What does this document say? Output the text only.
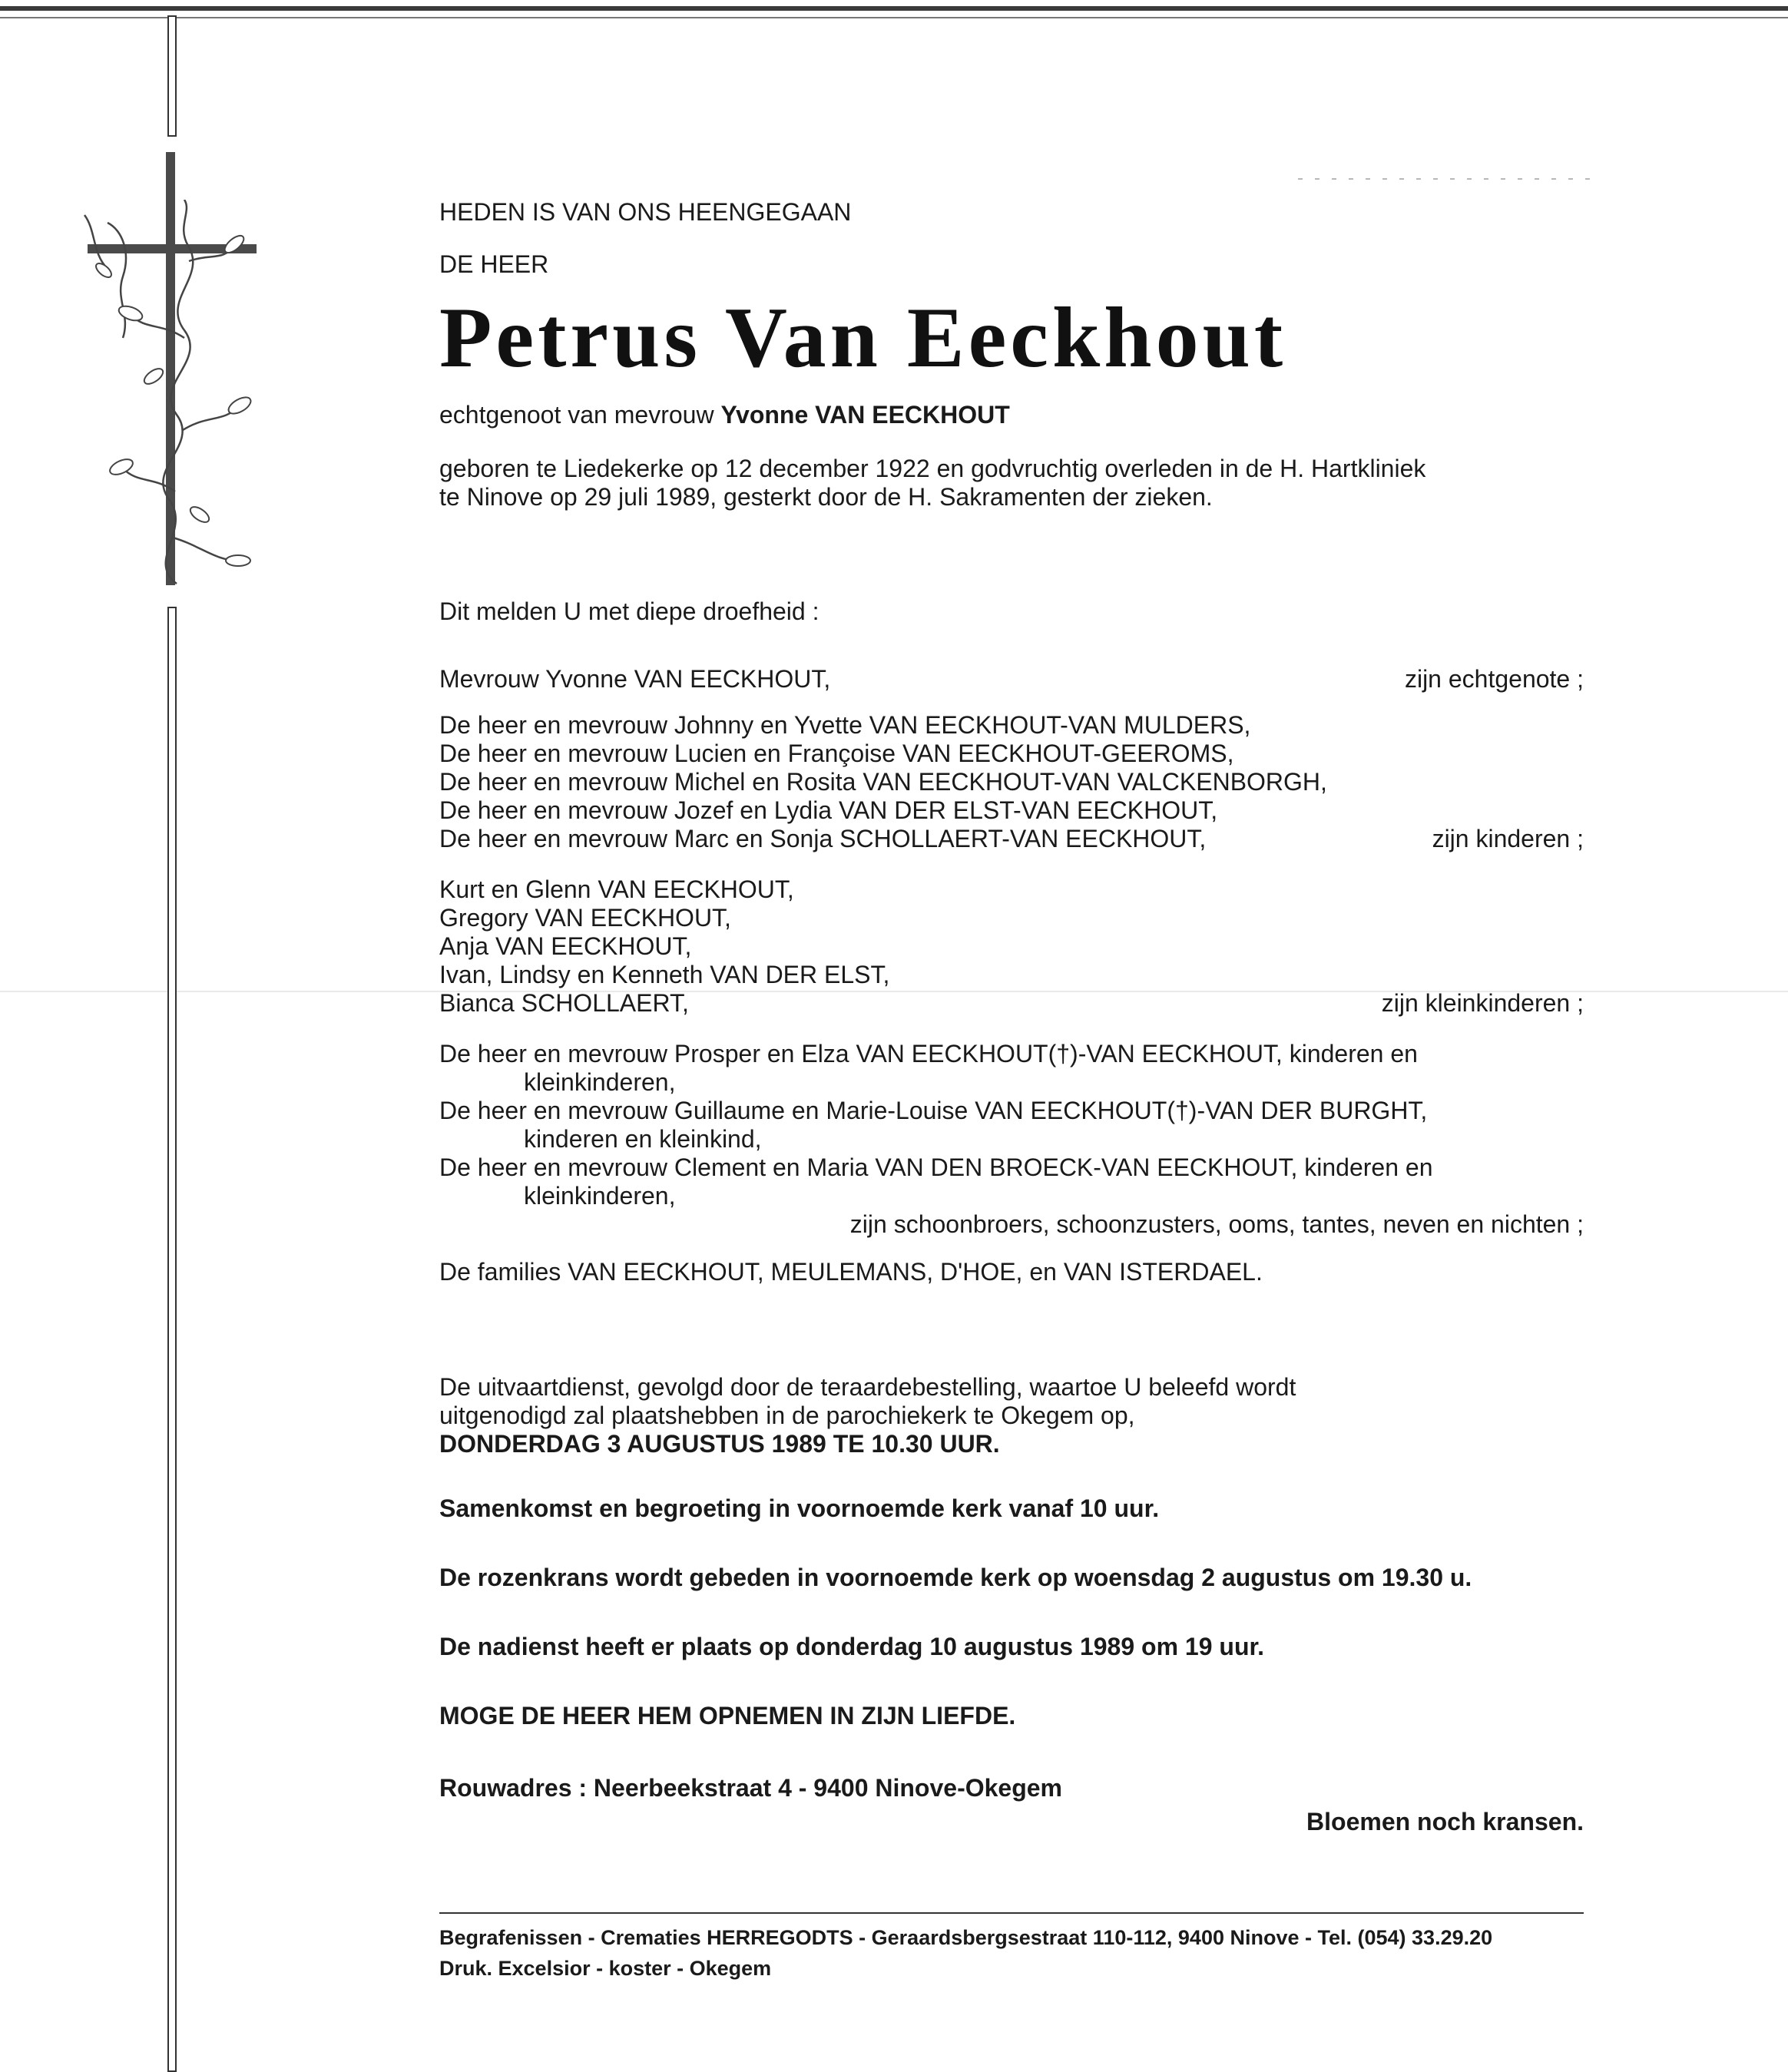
HEDEN IS VAN ONS HEENGEGAAN
DE HEER
Petrus Van Eeckhout
echtgenoot van mevrouw Yvonne VAN EECKHOUT
geboren te Liedekerke op 12 december 1922 en godvruchtig overleden in de H. Hartkliniek
te Ninove op 29 juli 1989, gesterkt door de H. Sakramenten der zieken.
Dit melden U met diepe droefheid :
Mevrouw Yvonne VAN EECKHOUT,	zijn echtgenote ;
De heer en mevrouw Johnny en Yvette VAN EECKHOUT-VAN MULDERS,
De heer en mevrouw Lucien en Françoise VAN EECKHOUT-GEEROMS,
De heer en mevrouw Michel en Rosita VAN EECKHOUT-VAN VALCKENBORGH,
De heer en mevrouw Jozef en Lydia VAN DER ELST-VAN EECKHOUT,
De heer en mevrouw Marc en Sonja SCHOLLAERT-VAN EECKHOUT,	zijn kinderen ;
Kurt en Glenn VAN EECKHOUT,
Gregory VAN EECKHOUT,
Anja VAN EECKHOUT,
Ivan, Lindsy en Kenneth VAN DER ELST,
Bianca SCHOLLAERT,	zijn kleinkinderen ;
De heer en mevrouw Prosper en Elza VAN EECKHOUT(†)-VAN EECKHOUT, kinderen en
kleinkinderen,
De heer en mevrouw Guillaume en Marie-Louise VAN EECKHOUT(†)-VAN DER BURGHT,
kinderen en kleinkind,
De heer en mevrouw Clement en Maria VAN DEN BROECK-VAN EECKHOUT, kinderen en
kleinkinderen,
zijn schoonbroers, schoonzusters, ooms, tantes, neven en nichten ;
De families VAN EECKHOUT, MEULEMANS, D'HOE, en VAN ISTERDAEL.
De uitvaartdienst, gevolgd door de teraardebestelling, waartoe U beleefd wordt
uitgenodigd zal plaatshebben in de parochiekerk te Okegem op,
DONDERDAG 3 AUGUSTUS 1989 TE 10.30 UUR.
Samenkomst en begroeting in voornoemde kerk vanaf 10 uur.
De rozenkrans wordt gebeden in voornoemde kerk op woensdag 2 augustus om 19.30 u.
De nadienst heeft er plaats op donderdag 10 augustus 1989 om 19 uur.
MOGE DE HEER HEM OPNEMEN IN ZIJN LIEFDE.
Rouwadres : Neerbeekstraat 4 - 9400 Ninove-Okegem
Bloemen noch kransen.
Begrafenissen - Crematies HERREGODTS - Geraardsbergsestraat 110-112, 9400 Ninove - Tel. (054) 33.29.20
Druk. Excelsior - koster - Okegem
